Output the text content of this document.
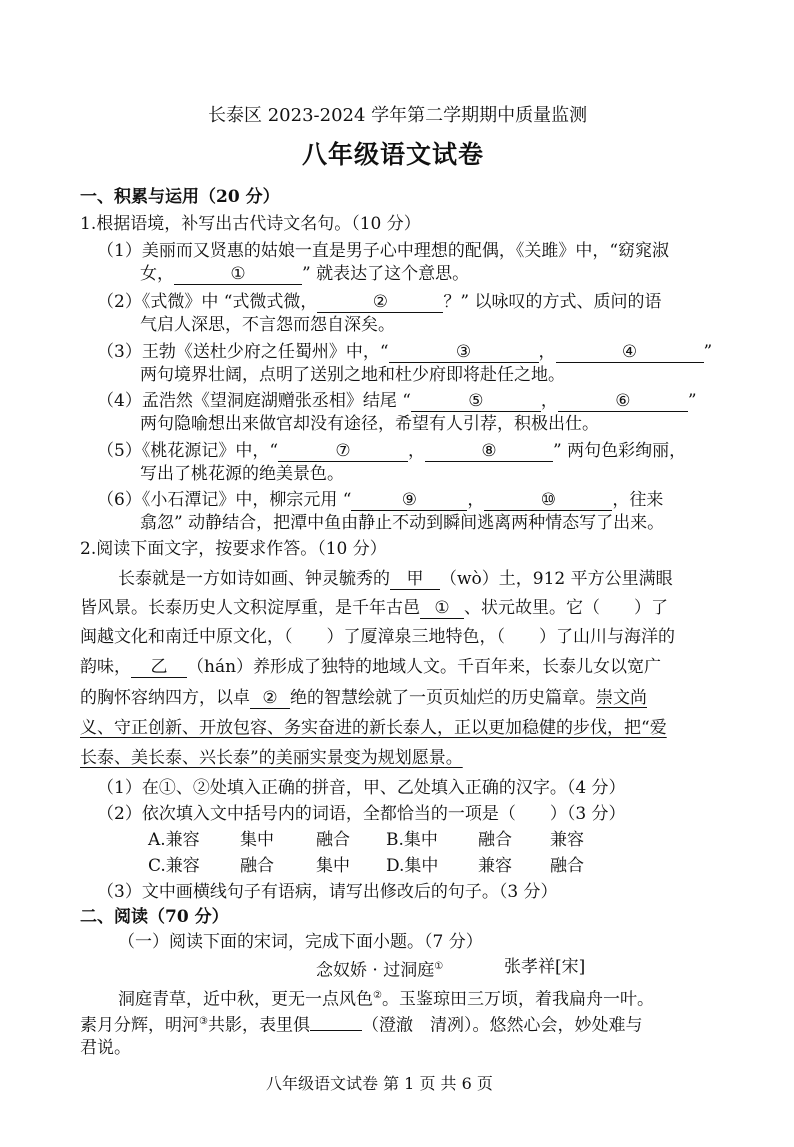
长泰区 2023-2024 学年第二学期期中质量监测
八年级语文试卷
一、积累与运用（20 分）
1.根据语境，补写出古代诗文名句。（10 分）
（1）美丽而又贤惠的姑娘一直是男子心中理想的配偶，《关雎》中，“窈窕淑
女，	①	” 就表达了这个意思。
（2）《式微》中 “式微式微，	②	？” 以咏叹的方式、质问的语
气启人深思，不言怨而怨自深矣。
（3）王勃《送杜少府之任蜀州》中，“	③	，	④	”
两句境界壮阔，点明了送别之地和杜少府即将赴任之地。
（4）孟浩然《望洞庭湖赠张丞相》结尾 “	⑤	，	⑥	”
两句隐喻想出来做官却没有途径，希望有人引荐，积极出仕。
（5）《桃花源记》中，“	⑦	，	⑧	” 两句色彩绚丽，
写出了桃花源的绝美景色。
（6）《小石潭记》中，柳宗元用 “	⑨	，	⑩	，往来
翕忽” 动静结合，把潭中鱼由静止不动到瞬间逃离两种情态写了出来。
2.阅读下面文字，按要求作答。（10 分）
长泰就是一方如诗如画、钟灵毓秀的 甲 （wò）土，912 平方公里满眼
皆风景。长泰历史人文积淀厚重，是千年古邑 ① 、状元故里。它（　　）了
闽越文化和南迁中原文化，（　　）了厦漳泉三地特色，（　　）了山川与海洋的
韵味， 乙 （hán）养形成了独特的地域人文。千百年来，长泰儿女以宽广
的胸怀容纳四方，以卓 ② 绝的智慧绘就了一页页灿烂的历史篇章。崇文尚
义、守正创新、开放包容、务实奋进的新长泰人，正以更加稳健的步伐，把“爱
长泰、美长泰、兴长泰”的美丽实景变为规划愿景。
（1）在①、②处填入正确的拼音，甲、乙处填入正确的汉字。（4 分）
（2）依次填入文中括号内的词语，全都恰当的一项是（　　）（3 分）
A.兼容 集中 融合 B.集中 融合 兼容
C.兼容 融合 集中 D.集中 兼容 融合
（3）文中画横线句子有语病，请写出修改后的句子。（3 分）
二、阅读（70 分）
（一）阅读下面的宋词，完成下面小题。（7 分）
念奴娇 · 过洞庭①	张孝祥[宋]
洞庭青草，近中秋，更无一点风色②。玉鉴琼田三万顷，着我扁舟一叶。
素月分辉，明河③共影，表里俱	（澄澈　清冽）。悠然心会，妙处难与
君说。
八年级语文试卷 第 1 页 共 6 页
